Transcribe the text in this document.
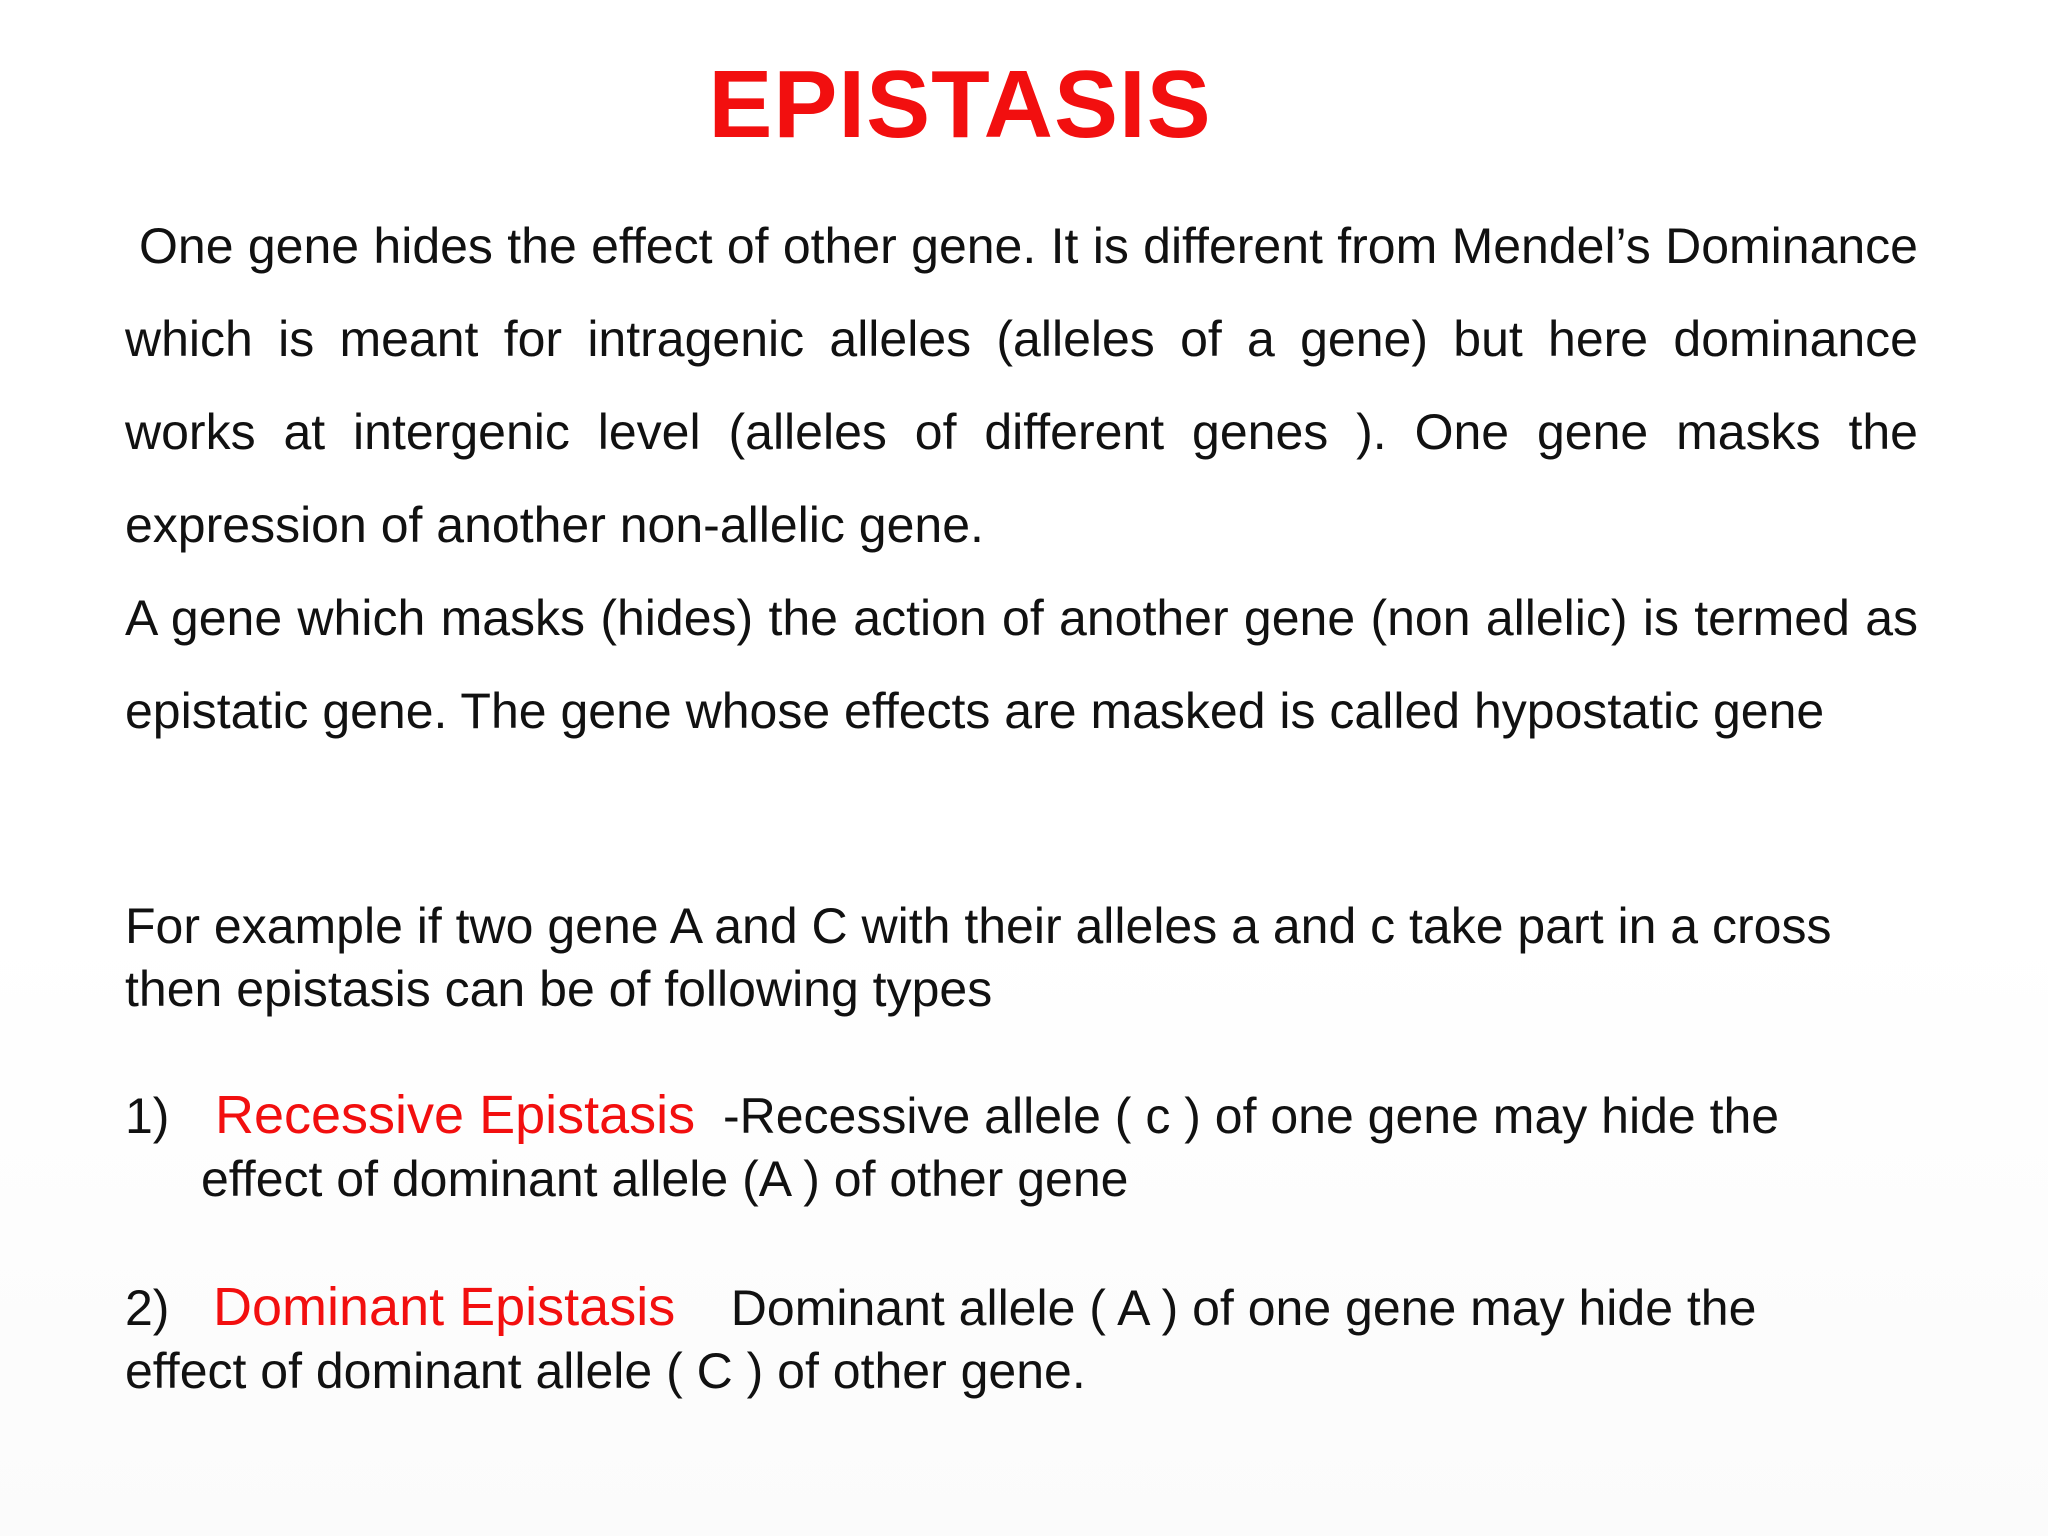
EPISTASIS
One gene hides the effect of other gene. It is different from Mendel’s Dominance which is meant for intragenic alleles (alleles of a gene) but here dominance works at intergenic level (alleles of different genes ). One gene masks the expression of another non-allelic gene.
A gene which masks (hides) the action of another gene (non allelic) is termed as epistatic gene. The gene whose effects are masked is called hypostatic gene
For example if two gene A and C with their alleles a and c take part in a cross then epistasis can be of following types
1) Recessive Epistasis -Recessive allele ( c ) of one gene may hide the
effect of dominant allele (A ) of other gene
2) Dominant Epistasis Dominant allele ( A ) of one gene may hide the
effect of dominant allele ( C ) of other gene.
